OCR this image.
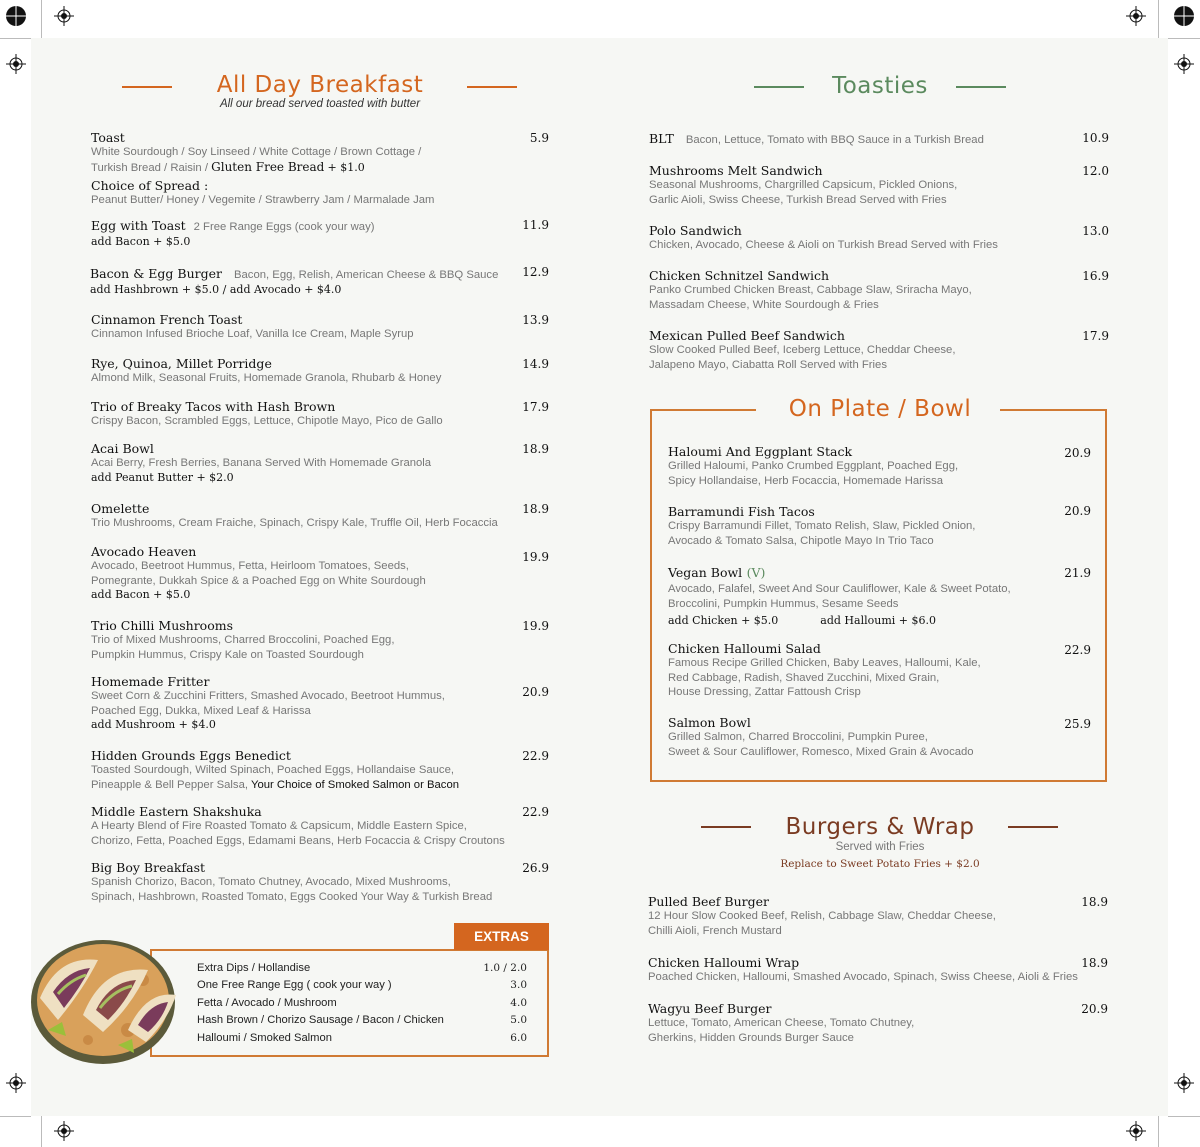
All Day Breakfast
All our bread served toasted with butter
Toast
White Sourdough / Soy Linseed / White Cottage / Brown Cottage /
Turkish Bread / Raisin / Gluten Free Bread + $1.0
Choice of Spread :
Peanut Butter/ Honey / Vegemite / Strawberry Jam / Marmalade Jam
5.9
Egg with Toast 2 Free Range Eggs (cook your way)
add Bacon + $5.0
11.9
Bacon & Egg Burger Bacon, Egg, Relish, American Cheese & BBQ Sauce
add Hashbrown + $5.0 / add Avocado + $4.0
12.9
Cinnamon French Toast
Cinnamon Infused Brioche Loaf, Vanilla Ice Cream, Maple Syrup
13.9
Rye, Quinoa, Millet Porridge
Almond Milk, Seasonal Fruits, Homemade Granola, Rhubarb & Honey
14.9
Trio of Breaky Tacos with Hash Brown
Crispy Bacon, Scrambled Eggs, Lettuce, Chipotle Mayo, Pico de Gallo
17.9
Acai Bowl
Acai Berry, Fresh Berries, Banana Served With Homemade Granola
add Peanut Butter + $2.0
18.9
Omelette
Trio Mushrooms, Cream Fraiche, Spinach, Crispy Kale, Truffle Oil, Herb Focaccia
18.9
Avocado Heaven
Avocado, Beetroot Hummus, Fetta, Heirloom Tomatoes, Seeds,
Pomegrante, Dukkah Spice & a Poached Egg on White Sourdough
add Bacon + $5.0
19.9
Trio Chilli Mushrooms
Trio of Mixed Mushrooms, Charred Broccolini, Poached Egg,
Pumpkin Hummus, Crispy Kale on Toasted Sourdough
19.9
Homemade Fritter
Sweet Corn & Zucchini Fritters, Smashed Avocado, Beetroot Hummus,
Poached Egg, Dukka, Mixed Leaf & Harissa
add Mushroom + $4.0
20.9
Hidden Grounds Eggs Benedict
Toasted Sourdough, Wilted Spinach, Poached Eggs, Hollandaise Sauce,
Pineapple & Bell Pepper Salsa, Your Choice of Smoked Salmon or Bacon
22.9
Middle Eastern Shakshuka
A Hearty Blend of Fire Roasted Tomato & Capsicum, Middle Eastern Spice,
Chorizo, Fetta, Poached Eggs, Edamami Beans, Herb Focaccia & Crispy Croutons
22.9
Big Boy Breakfast
Spanish Chorizo, Bacon, Tomato Chutney, Avocado, Mixed Mushrooms,
Spinach, Hashbrown, Roasted Tomato, Eggs Cooked Your Way & Turkish Bread
26.9
EXTRAS
Extra Dips / Hollandise	1.0 / 2.0
One Free Range Egg ( cook your way )	3.0
Fetta / Avocado / Mushroom	4.0
Hash Brown / Chorizo Sausage / Bacon / Chicken	5.0
Halloumi / Smoked Salmon	6.0
Toasties
BLT Bacon, Lettuce, Tomato with BBQ Sauce in a Turkish Bread	10.9
Mushrooms Melt Sandwich
Seasonal Mushrooms, Chargrilled Capsicum, Pickled Onions,
Garlic Aioli, Swiss Cheese, Turkish Bread Served with Fries
12.0
Polo Sandwich
Chicken, Avocado, Cheese & Aioli on Turkish Bread Served with Fries
13.0
Chicken Schnitzel Sandwich
Panko Crumbed Chicken Breast, Cabbage Slaw, Sriracha Mayo,
Massadam Cheese, White Sourdough & Fries
16.9
Mexican Pulled Beef Sandwich
Slow Cooked Pulled Beef, Iceberg Lettuce, Cheddar Cheese,
Jalapeno Mayo, Ciabatta Roll Served with Fries
17.9
On Plate / Bowl
Haloumi And Eggplant Stack
Grilled Haloumi, Panko Crumbed Eggplant, Poached Egg,
Spicy Hollandaise, Herb Focaccia, Homemade Harissa
20.9
Barramundi Fish Tacos
Crispy Barramundi Fillet, Tomato Relish, Slaw, Pickled Onion,
Avocado & Tomato Salsa, Chipotle Mayo In Trio Taco
20.9
Vegan Bowl (V)
Avocado, Falafel, Sweet And Sour Cauliflower, Kale & Sweet Potato,
Broccolini, Pumpkin Hummus, Sesame Seeds
add Chicken + $5.0	add Halloumi + $6.0
21.9
Chicken Halloumi Salad
Famous Recipe Grilled Chicken, Baby Leaves, Halloumi, Kale,
Red Cabbage, Radish, Shaved Zucchini, Mixed Grain,
House Dressing, Zattar Fattoush Crisp
22.9
Salmon Bowl
Grilled Salmon, Charred Broccolini, Pumpkin Puree,
Sweet & Sour Cauliflower, Romesco, Mixed Grain & Avocado
25.9
Burgers & Wrap
Served with Fries
Replace to Sweet Potato Fries + $2.0
Pulled Beef Burger
12 Hour Slow Cooked Beef, Relish, Cabbage Slaw, Cheddar Cheese,
Chilli Aioli, French Mustard
18.9
Chicken Halloumi Wrap
Poached Chicken, Halloumi, Smashed Avocado, Spinach, Swiss Cheese, Aioli & Fries
18.9
Wagyu Beef Burger
Lettuce, Tomato, American Cheese, Tomato Chutney,
Gherkins, Hidden Grounds Burger Sauce
20.9
